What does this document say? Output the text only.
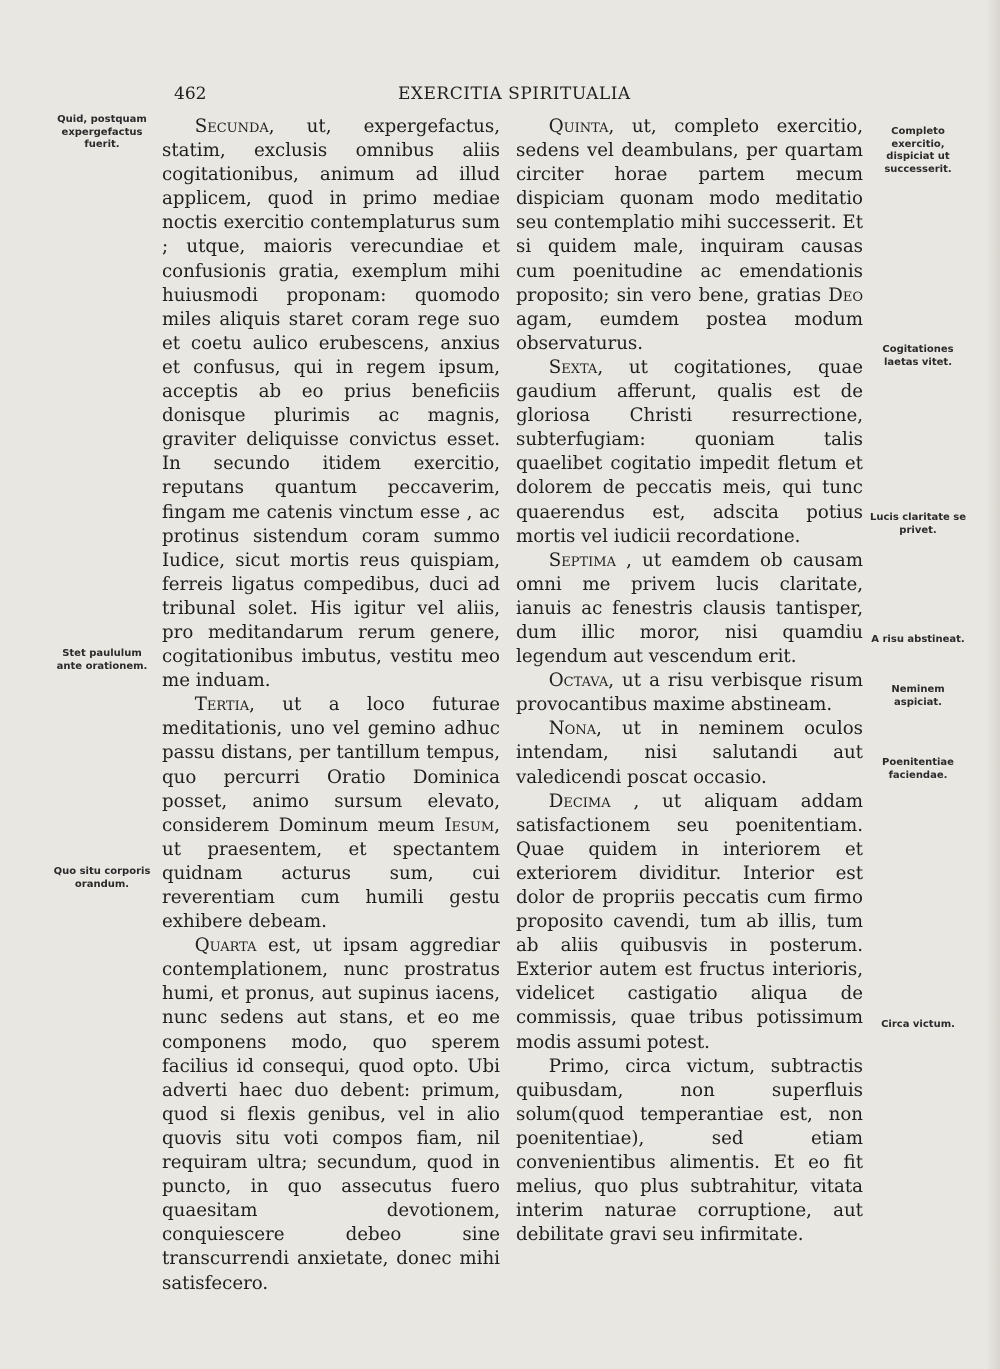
462	EXERCITIA SPIRITUALIA
Quid, postquam expergefactus fuerit.
Stet paululum ante orationem.
Quo situ corporis orandum.

Secunda, ut, expergefactus, statim, exclusis omnibus aliis cogitationibus, animum ad illud applicem, quod in primo mediae noctis exercitio contemplaturus sum ; utque, maioris verecundiae et confusionis gratia, exemplum mihi huiusmodi proponam: quomodo miles aliquis staret coram rege suo et coetu aulico erubescens, anxius et confusus, qui in regem ipsum, acceptis ab eo prius beneficiis donisque plurimis ac magnis, graviter deliquisse convictus esset. In secundo itidem exercitio, reputans quantum peccaverim, fingam me catenis vinctum esse , ac protinus sistendum coram summo Iudice, sicut mortis reus quispiam, ferreis ligatus compedibus, duci ad tribunal solet. His igitur vel aliis, pro meditandarum rerum genere, cogitationibus imbutus, vestitu meo me induam.

Tertia, ut a loco futurae meditationis, uno vel gemino adhuc passu distans, per tantillum tempus, quo percurri Oratio Dominica posset, animo sursum elevato, considerem Dominum meum Iesum, ut praesentem, et spectantem quidnam acturus sum, cui reverentiam cum humili gestu exhibere debeam.

Quarta est, ut ipsam aggrediar contemplationem, nunc prostratus humi, et pronus, aut supinus iacens, nunc sedens aut stans, et eo me componens modo, quo sperem facilius id consequi, quod opto. Ubi adverti haec duo debent: primum, quod si flexis genibus, vel in alio quovis situ voti compos fiam, nil requiram ultra; secundum, quod in puncto, in quo assecutus fuero quaesitam devotionem, conquiescere debeo sine transcurrendi anxietate, donec mihi satisfecero.

Quinta, ut, completo exercitio, sedens vel deambulans, per quartam circiter horae partem mecum dispiciam quonam modo meditatio seu contemplatio mihi successerit. Et si quidem male, inquiram causas cum poenitudine ac emendationis proposito; sin vero bene, gratias Deo agam, eumdem postea modum observaturus.

Sexta, ut cogitationes, quae gaudium afferunt, qualis est de gloriosa Christi resurrectione, subterfugiam: quoniam talis quaelibet cogitatio impedit fletum et dolorem de peccatis meis, qui tunc quaerendus est, adscita potius mortis vel iudicii recordatione.

Septima , ut eamdem ob causam omni me privem lucis claritate, ianuis ac fenestris clausis tantisper, dum illic moror, nisi quamdiu legendum aut vescendum erit.

Octava, ut a risu verbisque risum provocantibus maxime abstineam.

Nona, ut in neminem oculos intendam, nisi salutandi aut valedicendi poscat occasio.

Decima , ut aliquam addam satisfactionem seu poenitentiam. Quae quidem in interiorem et exteriorem dividitur. Interior est dolor de propriis peccatis cum firmo proposito cavendi, tum ab illis, tum ab aliis quibusvis in posterum. Exterior autem est fructus interioris, videlicet castigatio aliqua de commissis, quae tribus potissimum modis assumi potest.

Primo, circa victum, subtractis quibusdam, non superfluis solum(quod temperantiae est, non poenitentiae), sed etiam convenientibus alimentis. Et eo fit melius, quo plus subtrahitur, vitata interim naturae corruptione, aut debilitate gravi seu infirmitate.

Completo exercitio, dispiciat ut successerit.
Cogitationes laetas vitet.
Lucis claritate se privet.
A risu abstineat.
Neminem aspiciat.
Poenitentiae faciendae.
Circa victum.
